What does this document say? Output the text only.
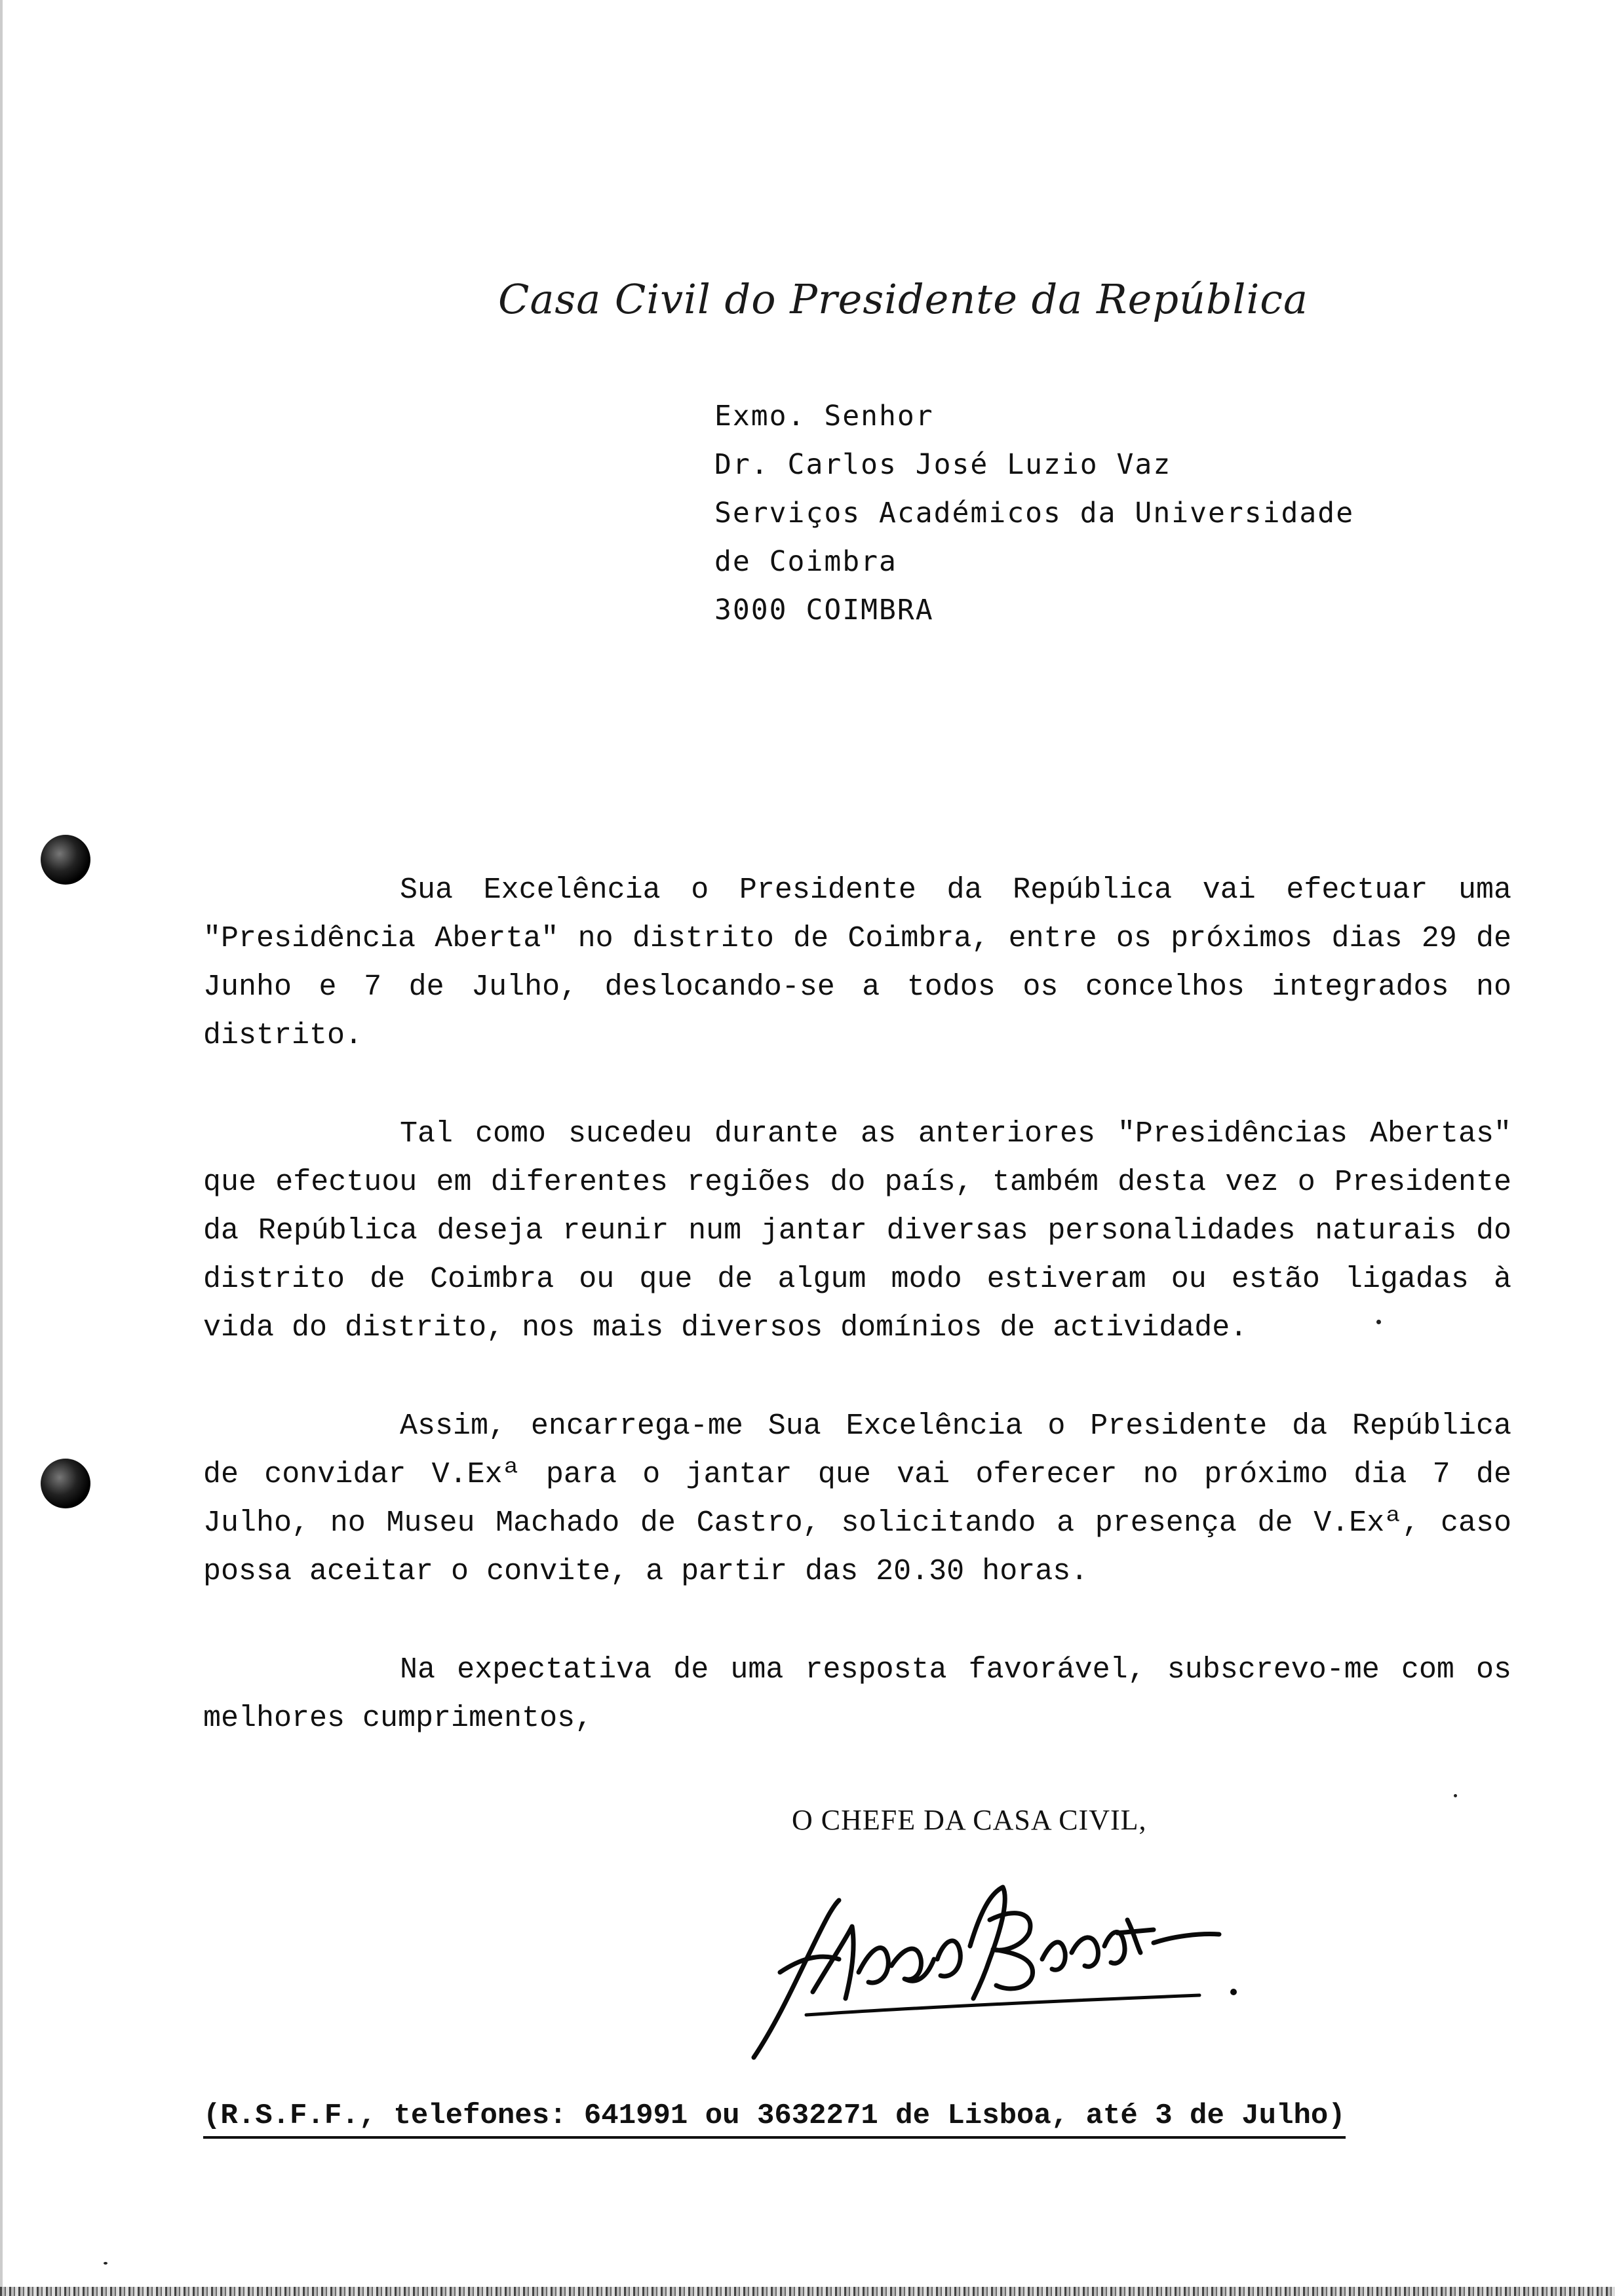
Casa Civil do Presidente da República
Exmo. Senhor
Dr. Carlos José Luzio Vaz
Serviços Académicos da Universidade
de Coimbra
3000 COIMBRA

Sua Excelência o Presidente da República vai efectuar uma "Presidência Aberta" no distrito de Coimbra, entre os próximos dias 29 de Junho e 7 de Julho, deslocando-se a todos os concelhos integrados no distrito.

Tal como sucedeu durante as anteriores "Presidências Abertas" que efectuou em diferentes regiões do país, também desta vez o Presidente da República deseja reunir num jantar diversas personalidades naturais do distrito de Coimbra ou que de algum modo estiveram ou estão ligadas à vida do distrito, nos mais diversos domínios de actividade.

Assim, encarrega-me Sua Excelência o Presidente da República de convidar V.Exª para o jantar que vai oferecer no próximo dia 7 de Julho, no Museu Machado de Castro, solicitando a presença de V.Exª, caso possa aceitar o convite, a partir das 20.30 horas.

Na expectativa de uma resposta favorável, subscrevo-me com os melhores cumprimentos,

O CHEFE DA CASA CIVIL,
(R.S.F.F., telefones: 641991 ou 3632271 de Lisboa, até 3 de Julho)
